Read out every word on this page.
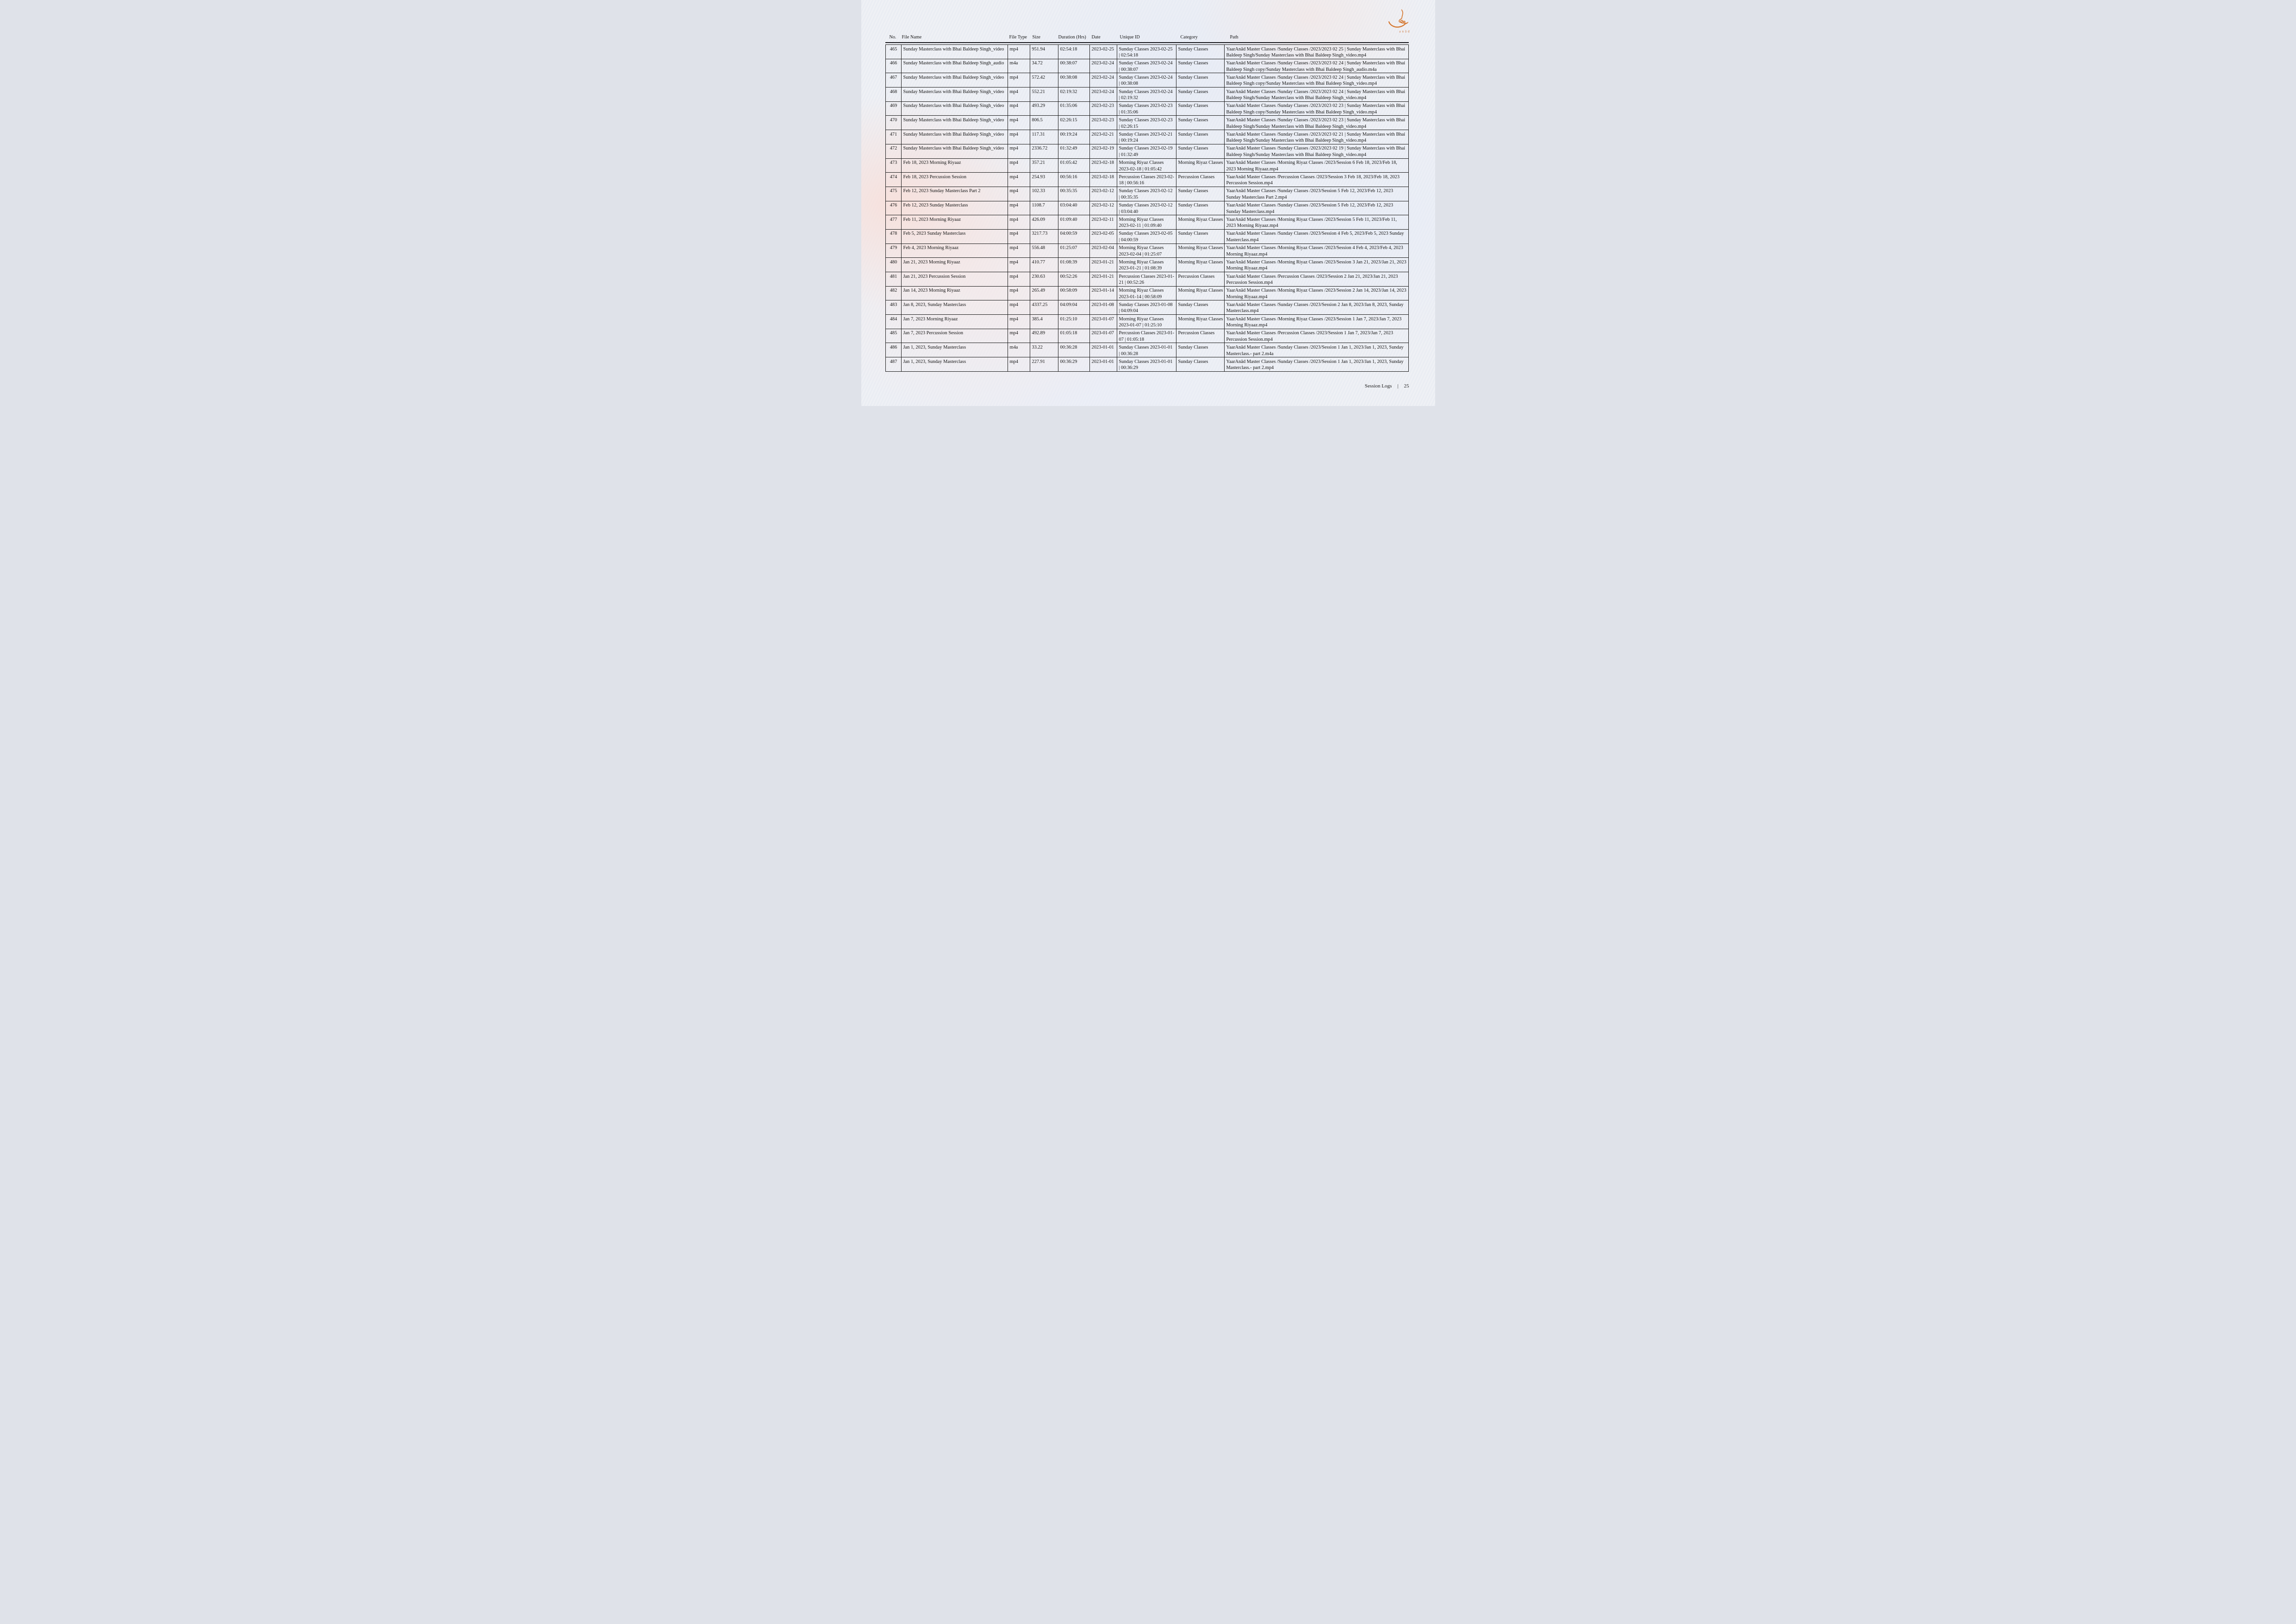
anād
No.	File Name	File Type	Size	Duration (Hrs)	Date	Unique ID	Category	Path
465	Sunday Masterclass with Bhai Baldeep Singh_video	mp4	951.94	02:54:18	2023-02-25	Sunday Classes 2023-02-25 | 02:54:18	Sunday Classes	YaarAnād Master Classes /Sunday Classes /2023/2023 02 25 | Sunday Masterclass with Bhai Baldeep Singh/Sunday Masterclass with Bhai Baldeep Singh_video.mp4
466	Sunday Masterclass with Bhai Baldeep Singh_audio	m4a	34.72	00:38:07	2023-02-24	Sunday Classes 2023-02-24 | 00:38:07	Sunday Classes	YaarAnād Master Classes /Sunday Classes /2023/2023 02 24 | Sunday Masterclass with Bhai Baldeep Singh copy/Sunday Masterclass with Bhai Baldeep Singh_audio.m4a
467	Sunday Masterclass with Bhai Baldeep Singh_video	mp4	572.42	00:38:08	2023-02-24	Sunday Classes 2023-02-24 | 00:38:08	Sunday Classes	YaarAnād Master Classes /Sunday Classes /2023/2023 02 24 | Sunday Masterclass with Bhai Baldeep Singh copy/Sunday Masterclass with Bhai Baldeep Singh_video.mp4
468	Sunday Masterclass with Bhai Baldeep Singh_video	mp4	552.21	02:19:32	2023-02-24	Sunday Classes 2023-02-24 | 02:19:32	Sunday Classes	YaarAnād Master Classes /Sunday Classes /2023/2023 02 24 | Sunday Masterclass with Bhai Baldeep Singh/Sunday Masterclass with Bhai Baldeep Singh_video.mp4
469	Sunday Masterclass with Bhai Baldeep Singh_video	mp4	493.29	01:35:06	2023-02-23	Sunday Classes 2023-02-23 | 01:35:06	Sunday Classes	YaarAnād Master Classes /Sunday Classes /2023/2023 02 23 | Sunday Masterclass with Bhai Baldeep Singh copy/Sunday Masterclass with Bhai Baldeep Singh_video.mp4
470	Sunday Masterclass with Bhai Baldeep Singh_video	mp4	806.5	02:26:15	2023-02-23	Sunday Classes 2023-02-23 | 02:26:15	Sunday Classes	YaarAnād Master Classes /Sunday Classes /2023/2023 02 23 | Sunday Masterclass with Bhai Baldeep Singh/Sunday Masterclass with Bhai Baldeep Singh_video.mp4
471	Sunday Masterclass with Bhai Baldeep Singh_video	mp4	117.31	00:19:24	2023-02-21	Sunday Classes 2023-02-21 | 00:19:24	Sunday Classes	YaarAnād Master Classes /Sunday Classes /2023/2023 02 21 | Sunday Masterclass with Bhai Baldeep Singh/Sunday Masterclass with Bhai Baldeep Singh_video.mp4
472	Sunday Masterclass with Bhai Baldeep Singh_video	mp4	2336.72	01:32:49	2023-02-19	Sunday Classes 2023-02-19 | 01:32:49	Sunday Classes	YaarAnād Master Classes /Sunday Classes /2023/2023 02 19 | Sunday Masterclass with Bhai Baldeep Singh/Sunday Masterclass with Bhai Baldeep Singh_video.mp4
473	Feb 18, 2023 Morning Riyaaz	mp4	357.21	01:05:42	2023-02-18	Morning Riyaz Classes 2023-02-18 | 01:05:42	Morning Riyaz Classes	YaarAnād Master Classes /Morning Riyaz Classes /2023/Session 6 Feb 18, 2023/Feb 18, 2023 Morning Riyaaz.mp4
474	Feb 18, 2023 Percussion Session	mp4	254.93	00:56:16	2023-02-18	Percussion Classes 2023-02-18 | 00:56:16	Percussion Classes	YaarAnād Master Classes /Percussion Classes /2023/Session 3 Feb 18, 2023/Feb 18, 2023 Percussion Session.mp4
475	Feb 12, 2023 Sunday Masterclass Part 2	mp4	102.33	00:35:35	2023-02-12	Sunday Classes 2023-02-12 | 00:35:35	Sunday Classes	YaarAnād Master Classes /Sunday Classes /2023/Session 5 Feb 12, 2023/Feb 12, 2023 Sunday Masterclass Part 2.mp4
476	Feb 12, 2023 Sunday Masterclass	mp4	1108.7	03:04:40	2023-02-12	Sunday Classes 2023-02-12 | 03:04:40	Sunday Classes	YaarAnād Master Classes /Sunday Classes /2023/Session 5 Feb 12, 2023/Feb 12, 2023 Sunday Masterclass.mp4
477	Feb 11, 2023 Morning Riyaaz	mp4	426.09	01:09:40	2023-02-11	Morning Riyaz Classes 2023-02-11 | 01:09:40	Morning Riyaz Classes	YaarAnād Master Classes /Morning Riyaz Classes /2023/Session 5 Feb 11, 2023/Feb 11, 2023 Morning Riyaaz.mp4
478	Feb 5, 2023 Sunday Masterclass	mp4	3217.73	04:00:59	2023-02-05	Sunday Classes 2023-02-05 | 04:00:59	Sunday Classes	YaarAnād Master Classes /Sunday Classes /2023/Session 4 Feb 5, 2023/Feb 5, 2023 Sunday Masterclass.mp4
479	Feb 4, 2023 Morning Riyaaz	mp4	556.48	01:25:07	2023-02-04	Morning Riyaz Classes 2023-02-04 | 01:25:07	Morning Riyaz Classes	YaarAnād Master Classes /Morning Riyaz Classes /2023/Session 4 Feb 4, 2023/Feb 4, 2023 Morning Riyaaz.mp4
480	Jan 21, 2023 Morning Riyaaz	mp4	410.77	01:08:39	2023-01-21	Morning Riyaz Classes 2023-01-21 | 01:08:39	Morning Riyaz Classes	YaarAnād Master Classes /Morning Riyaz Classes /2023/Session 3 Jan 21, 2023/Jan 21, 2023 Morning Riyaaz.mp4
481	Jan 21, 2023 Percussion Session	mp4	230.63	00:52:26	2023-01-21	Percussion Classes 2023-01-21 | 00:52:26	Percussion Classes	YaarAnād Master Classes /Percussion Classes /2023/Session 2 Jan 21, 2023/Jan 21, 2023 Percussion Session.mp4
482	Jan 14, 2023 Morning Riyaaz	mp4	265.49	00:58:09	2023-01-14	Morning Riyaz Classes 2023-01-14 | 00:58:09	Morning Riyaz Classes	YaarAnād Master Classes /Morning Riyaz Classes /2023/Session 2 Jan 14, 2023/Jan 14, 2023 Morning Riyaaz.mp4
483	Jan 8, 2023, Sunday Masterclass	mp4	4337.25	04:09:04	2023-01-08	Sunday Classes 2023-01-08 | 04:09:04	Sunday Classes	YaarAnād Master Classes /Sunday Classes /2023/Session 2 Jan 8, 2023/Jan 8, 2023, Sunday Masterclass.mp4
484	Jan 7, 2023 Morning Riyaaz	mp4	385.4	01:25:10	2023-01-07	Morning Riyaz Classes 2023-01-07 | 01:25:10	Morning Riyaz Classes	YaarAnād Master Classes /Morning Riyaz Classes /2023/Session 1 Jan 7, 2023/Jan 7, 2023 Morning Riyaaz.mp4
485	Jan 7, 2023 Percussion Session	mp4	492.89	01:05:18	2023-01-07	Percussion Classes 2023-01-07 | 01:05:18	Percussion Classes	YaarAnād Master Classes /Percussion Classes /2023/Session 1 Jan 7, 2023/Jan 7, 2023 Percussion Session.mp4
486	Jan 1, 2023, Sunday Masterclass	m4a	33.22	00:36:28	2023-01-01	Sunday Classes 2023-01-01 | 00:36:28	Sunday Classes	YaarAnād Master Classes /Sunday Classes /2023/Session 1 Jan 1, 2023/Jan 1, 2023, Sunday Masterclass.- part 2.m4a
487	Jan 1, 2023, Sunday Masterclass	mp4	227.91	00:36:29	2023-01-01	Sunday Classes 2023-01-01 | 00:36:29	Sunday Classes	YaarAnād Master Classes /Sunday Classes /2023/Session 1 Jan 1, 2023/Jan 1, 2023, Sunday Masterclass.- part 2.mp4
Session Logs | 25
